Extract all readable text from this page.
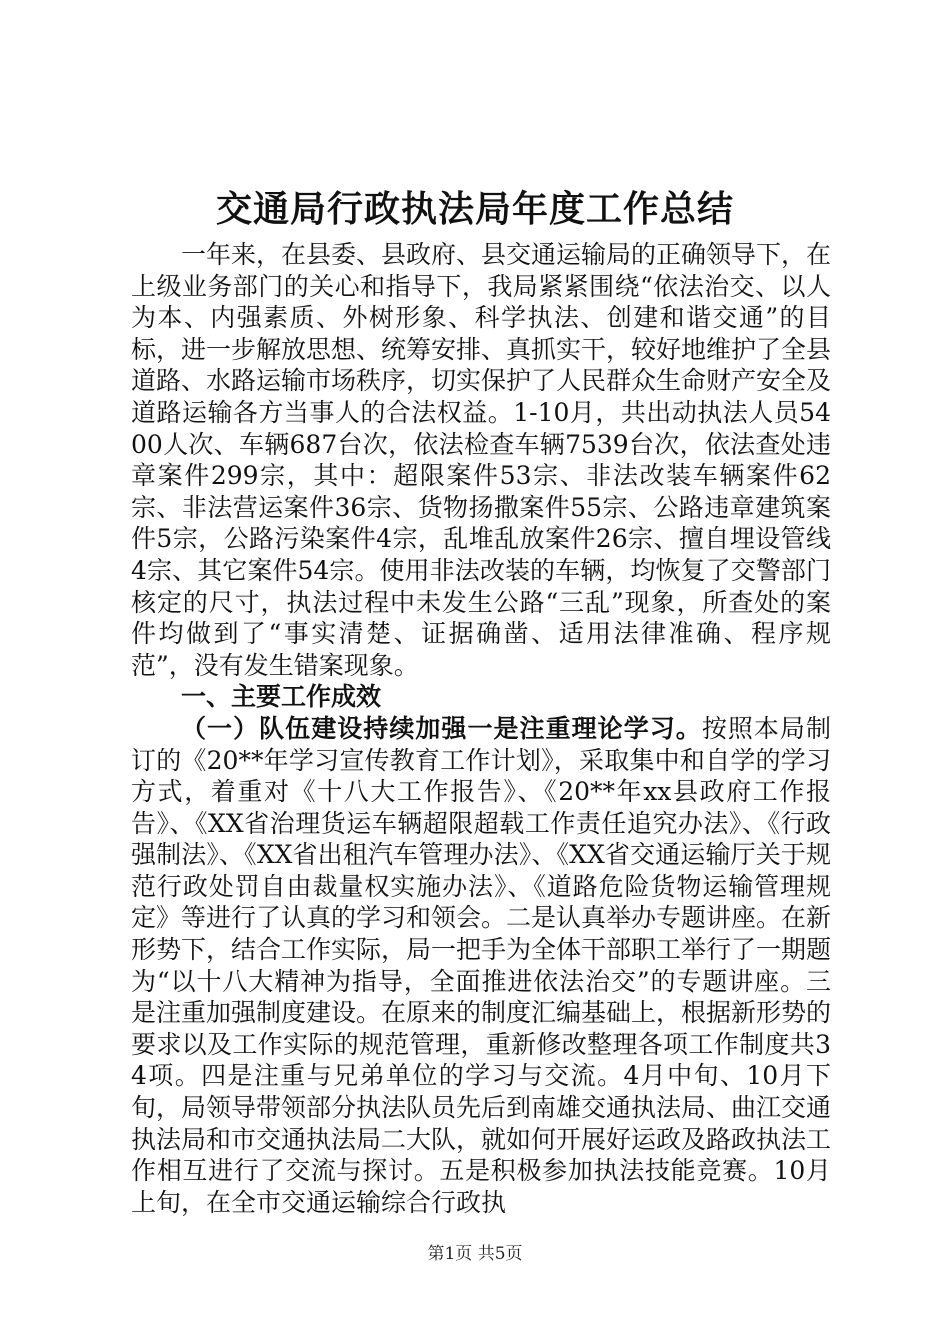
交通局行政执法局年度工作总结

一年来，在县委、县政府、县交通运输局的正确领导下，在上级业务部门的关心和指导下，我局紧紧围绕“依法治交、以人为本、内强素质、外树形象、科学执法、创建和谐交通”的目标，进一步解放思想、统筹安排、真抓实干，较好地维护了全县道路、水路运输市场秩序，切实保护了人民群众生命财产安全及道路运输各方当事人的合法权益。1-10月，共出动执法人员5400人次、车辆687台次，依法检查车辆7539台次，依法查处违章案件299宗，其中：超限案件53宗、非法改装车辆案件62宗、非法营运案件36宗、货物扬撒案件55宗、公路违章建筑案件5宗，公路污染案件4宗，乱堆乱放案件26宗、擅自埋设管线4宗、其它案件54宗。使用非法改装的车辆，均恢复了交警部门核定的尺寸，执法过程中未发生公路“三乱”现象，所查处的案件均做到了“事实清楚、证据确凿、适用法律准确、程序规范”，没有发生错案现象。

一、主要工作成效

（一）队伍建设持续加强一是注重理论学习。按照本局制订的《20**年学习宣传教育工作计划》，采取集中和自学的学习方式，着重对《十八大工作报告》、《20**年xx县政府工作报告》、《XX省治理货运车辆超限超载工作责任追究办法》、《行政强制法》、《XX省出租汽车管理办法》、《XX省交通运输厅关于规范行政处罚自由裁量权实施办法》、《道路危险货物运输管理规定》等进行了认真的学习和领会。二是认真举办专题讲座。在新形势下，结合工作实际，局一把手为全体干部职工举行了一期题为“以十八大精神为指导，全面推进依法治交”的专题讲座。三是注重加强制度建设。在原来的制度汇编基础上，根据新形势的要求以及工作实际的规范管理，重新修改整理各项工作制度共34项。四是注重与兄弟单位的学习与交流。4月中旬、10月下旬，局领导带领部分执法队员先后到南雄交通执法局、曲江交通执法局和市交通执法局二大队，就如何开展好运政及路政执法工作相互进行了交流与探讨。五是积极参加执法技能竞赛。10月上旬，在全市交通运输综合行政执

第1页 共5页
